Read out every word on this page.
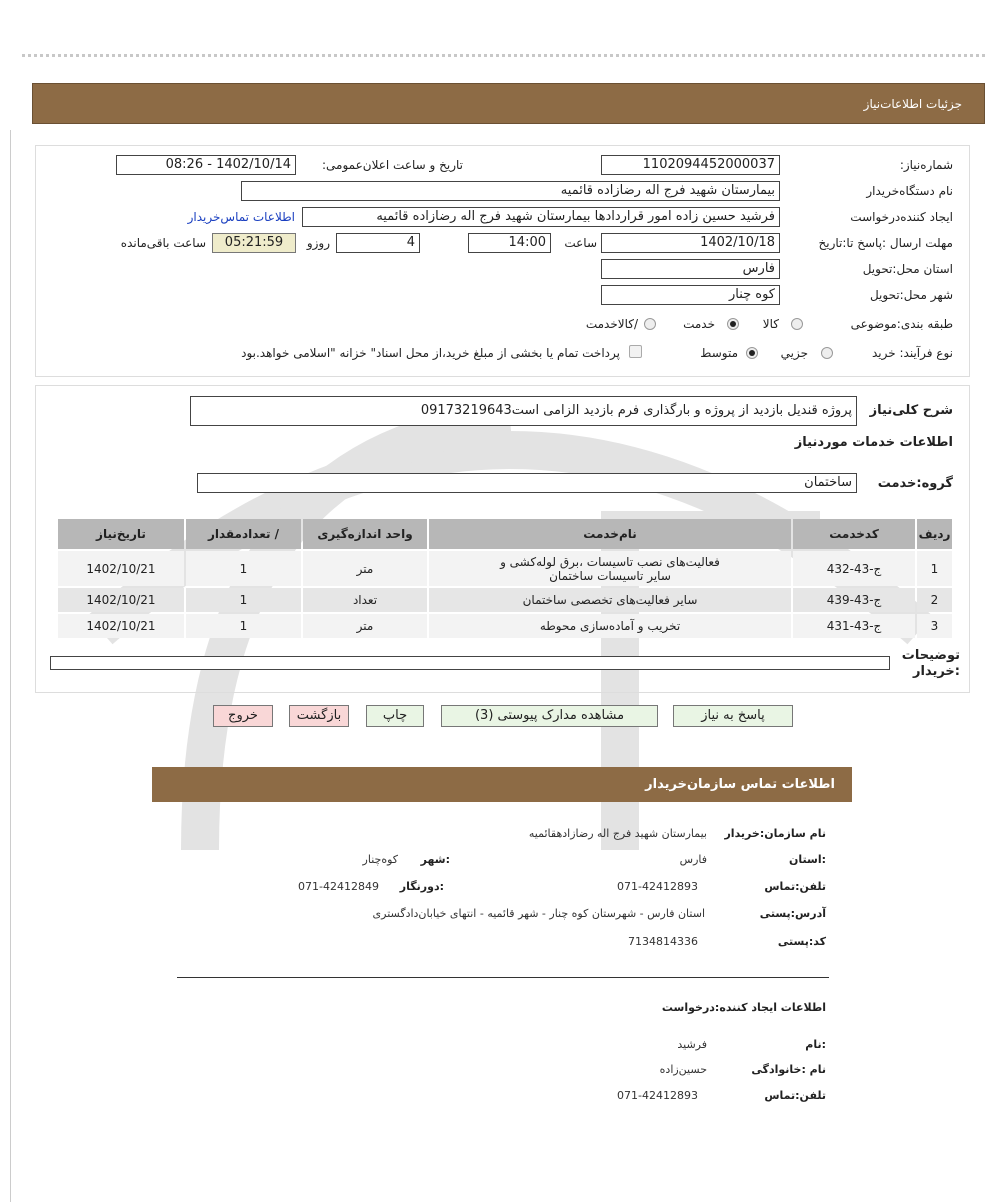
جزئیات اطلاعات‌نیاز
شماره‌نیاز:
1102094452000037
تاریخ و ساعت اعلان‌عمومی:
1402/10/14 - 08:26
نام دستگاه‌خریدار
بیمارستان شهید فرج اله رضازاده قائمیه
ایجاد کننده‌درخواست
فرشید حسین زاده امور قراردادها بیمارستان شهید فرج اله رضازاده قائمیه
اطلاعات تماس‌خریدار
مهلت ارسال :پاسخ تا:تاریخ
1402/10/18
ساعت
14:00
4
روزو
05:21:59
ساعت باقی‌مانده
استان محل:تحویل
فارس
شهر محل:تحویل
کوه چنار
طبقه بندی:موضوعی
کالا
خدمت
/کالاخدمت
نوع فرآیند: خرید
جزیي
متوسط
پرداخت تمام یا بخشی از مبلغ خرید،از محل اسناد" خزانه "اسلامی خواهد.بود
شرح کلی‌نیاز
پروژه قندیل بازدید از پروژه و بارگذاری فرم بازدید الزامی است09173219643
اطلاعات خدمات موردنیاز
گروه:خدمت
ساختمان
ردیف	کدخدمت	نام‌خدمت	واحد اندازه‌گیری	/ تعدادمقدار	تاریخ‌نیاز
1	ج-43-432	فعالیت‌های نصب تاسیسات ،برق لوله‌کشی و سایر تاسیسات ساختمان	متر	1	1402/10/21
2	ج-43-439	سایر فعالیت‌های تخصصی ساختمان	تعداد	1	1402/10/21
3	ج-43-431	تخریب و آماده‌سازی محوطه	متر	1	1402/10/21
توضیحات :خریدار
پاسخ به نیاز
مشاهده مدارک پیوستی (3)
چاپ
بازگشت
خروج
اطلاعات تماس سازمان‌خریدار
نام سازمان:خریدار
بیمارستان شهید فرج اله رضازادهقائمیه
:استان
فارس
:شهر
کوه‌چنار
تلفن:تماس
071-42412893
:دورنگار
071-42412849
آدرس:پستی
استان فارس - شهرستان کوه چنار - شهر قائمیه - انتهای خیابان‌دادگستری
کد:پستی
7134814336
اطلاعات ایجاد کننده:درخواست
:نام
فرشید
نام :خانوادگی
حسین‌زاده
تلفن:تماس
071-42412893
